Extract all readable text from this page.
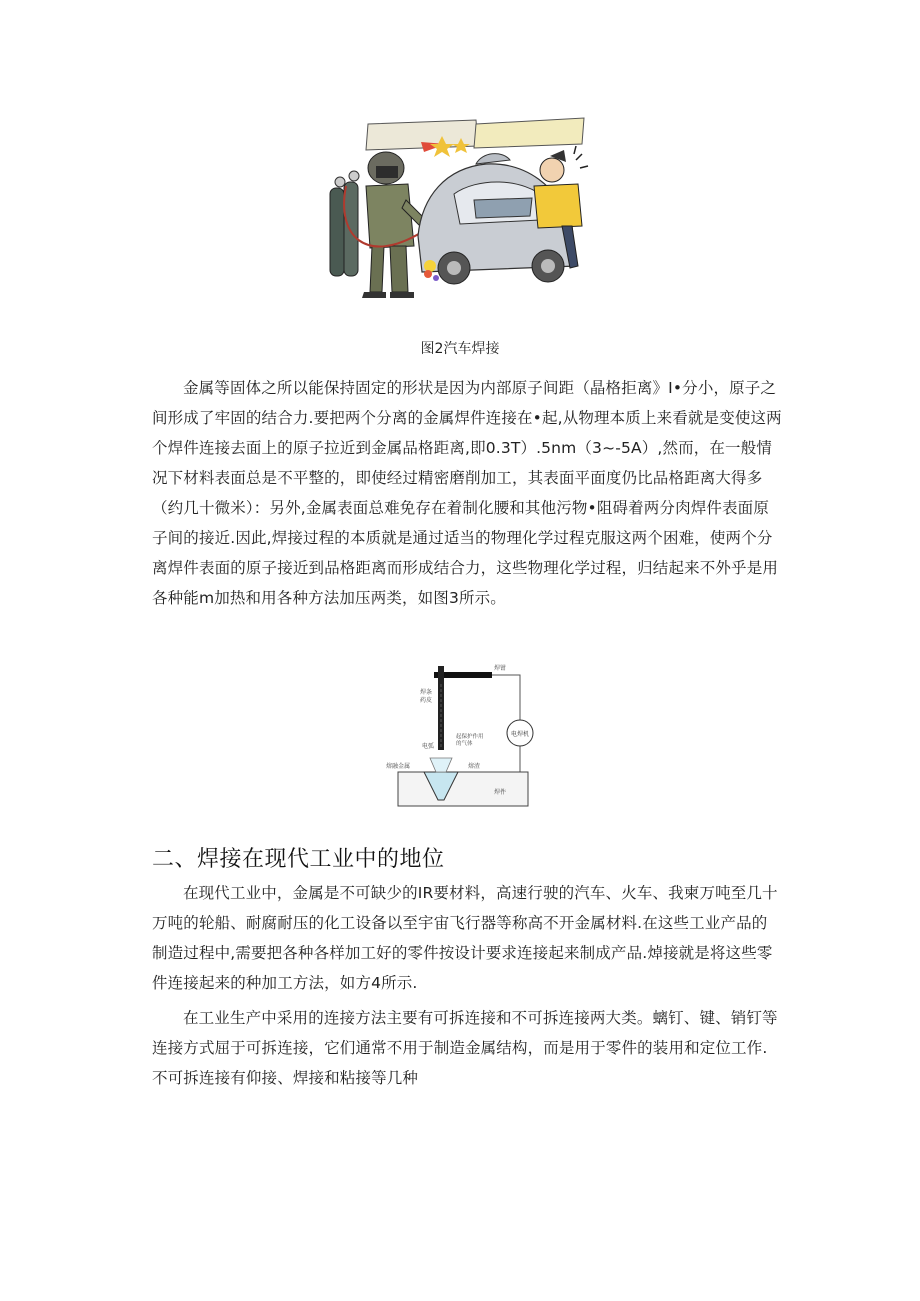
图2汽车焊接

金属等固体之所以能保持固定的形状是因为内部原子间距（晶格拒离》I•分小，原子之间形成了牢固的结合力.要把两个分离的金属焊件连接在•起,从物理本质上来看就是变使这两个焊件连接去面上的原子拉近到金属品格距离,即0.3T）.5nm（3~-5A）,然而，在一般情况下材料表面总是不平整的，即使经过精密磨削加工，其表面平面度仍比品格距离大得多（约几十微米）：另外,金属表面总难免存在着制化腰和其他污物•阻碍着两分肉焊件表面原子间的接近.因此,焊接过程的本质就是通过适当的物理化学过程克服这两个困难，使两个分离焊件表面的原子接近到品格距离而形成结合力，这些物理化学过程，归结起来不外乎是用各种能m加热和用各种方法加压两类，如图3所示。

电焊机
焊钳
焊条
药皮
电弧
起保护作用
的气体
熔融金属	熔渣
焊件
二、焊接在现代工业中的地位

在现代工业中，金属是不可缺少的IR要材料，高速行驶的汽车、火车、我柬万吨至几十万吨的轮船、耐腐耐压的化工设备以至宇宙飞行器等称高不开金属材料.在这些工业产品的制造过程中,需要把各种各样加工好的零件按设计要求连接起来制成产品.焯接就是将这些零件连接起来的种加工方法，如方4所示.

在工业生产中采用的连接方法主要有可拆连接和不可拆连接两大类。螭钉、键、销钉等连接方式屈于可拆连接，它们通常不用于制造金属结构，而是用于零件的装用和定位工作.不可拆连接有仰接、焊接和粘接等几种
